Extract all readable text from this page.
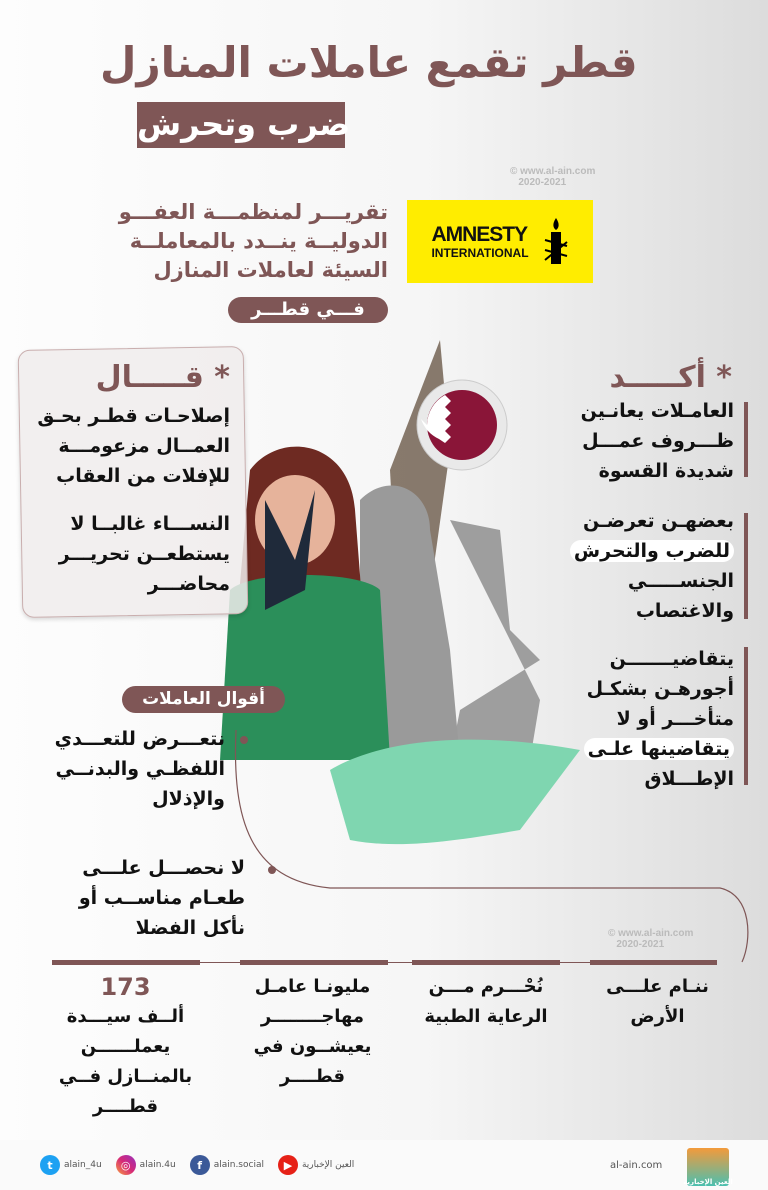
قطر تقمع عاملات المنازل
ضرب وتحرش
© www.al-ain.com
2020-2021
تقريـــر لمنظمـــة العفـــو
الدوليــة ينــدد بالمعاملــة
السيئة لعاملات المنازل
AMNESTY
INTERNATIONAL
فـــي قطـــر
* قـــــال
إصلاحـات قطـر بحـق
العمــال مزعومـــة
للإفلات من العقاب
النســـاء غالبــا لا
يستطعــن تحريـــر
محاضـــر
* أكـــــد
العامـلات يعانـين
ظـــروف عمـــل
شديدة القسوة
بعضهـن تعرضـن
للضرب والتحرش
الجنســـــي
والاغتصاب
يتقاضيـــــــن
أجورهـن بشكـل
متأخـــر أو لا
يتقاضينها علـى
الإطـــلاق
أقوال العاملات
نتعـــرض للتعـــدي
اللفظـي والبدنــي
والإذلال
لا نحصـــل علـــى
طعـام مناســب أو
نأكل الفضلا	© www.al-ain.com
2020-2021
ننـام علـــى
الأرض
نُحْـــرم مـــن
الرعاية الطبية
مليونـا عامـل
مهاجــــــــر
يعيشــون في
قطــــر
173
ألــف سيـــدة
يعملــــــن
بالمنــازل فــي
قطــــر
t	alain_4u	◎	alain.4u	f	alain.social	▶	العين الإخبارية	al-ain.com
العين الإخبارية
